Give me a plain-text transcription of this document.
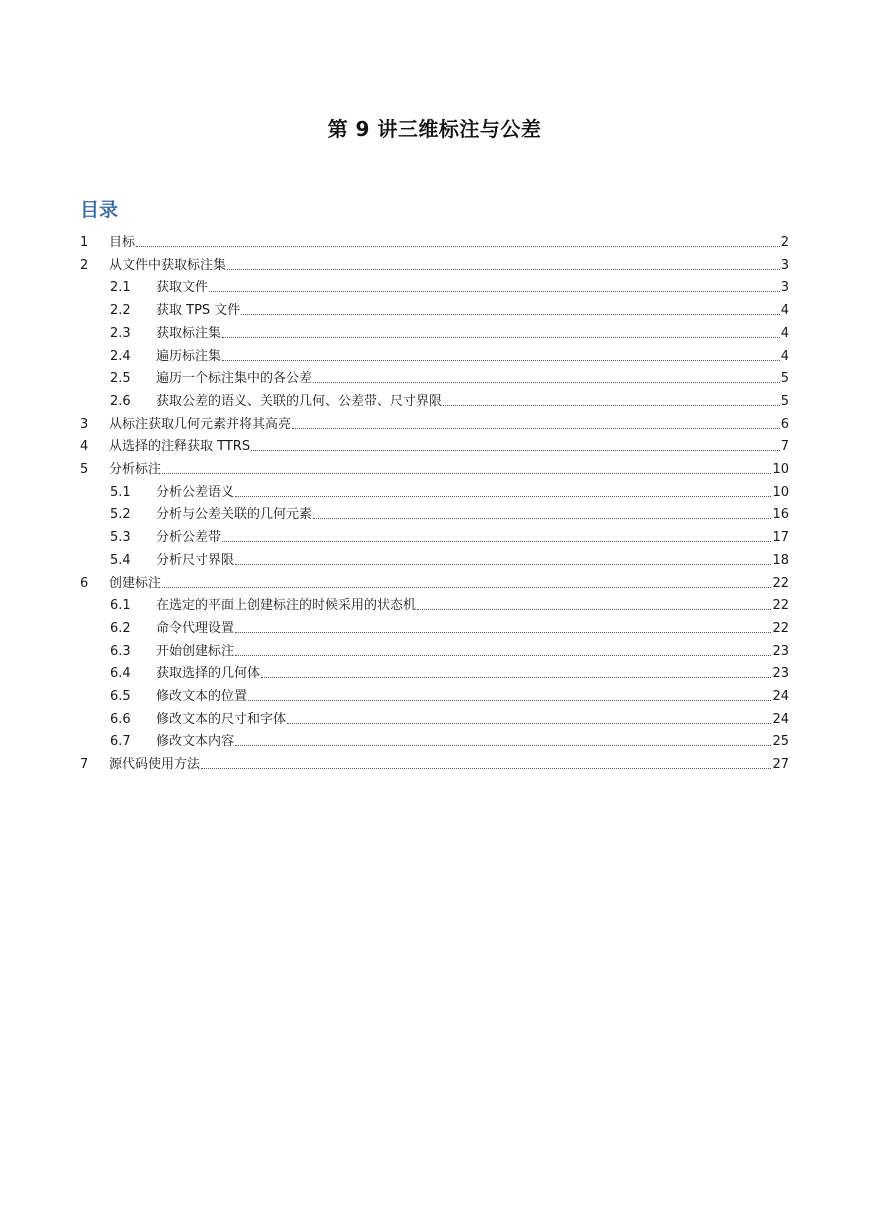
第 9 讲三维标注与公差
目录
1	目标	2
2	从文件中获取标注集	3
2.1	获取文件	3
2.2	获取 TPS 文件	4
2.3	获取标注集	4
2.4	遍历标注集	4
2.5	遍历一个标注集中的各公差	5
2.6	获取公差的语义、关联的几何、公差带、尺寸界限	5
3	从标注获取几何元素并将其高亮	6
4	从选择的注释获取 TTRS	7
5	分析标注	10
5.1	分析公差语义	10
5.2	分析与公差关联的几何元素	16
5.3	分析公差带	17
5.4	分析尺寸界限	18
6	创建标注	22
6.1	在选定的平面上创建标注的时候采用的状态机	22
6.2	命令代理设置	22
6.3	开始创建标注	23
6.4	获取选择的几何体	23
6.5	修改文本的位置	24
6.6	修改文本的尺寸和字体	24
6.7	修改文本内容	25
7	源代码使用方法	27
